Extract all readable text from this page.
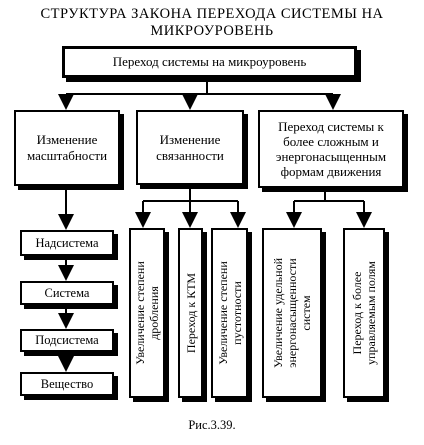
СТРУКТУРА ЗАКОНА ПЕРЕХОДА СИСТЕМЫ НА
МИКРОУРОВЕНЬ
Переход системы на микроуровень
Изменение
масштабности
Изменение
связанности
Переход системы к
более сложным и
энергонасыщенным
формам движения
Надсистема
Система
Подсистема
Вещество
Увеличение степени дробления Переход к КТМ Увеличение степени пустотности Увеличение удельной энергонасыщенности систем	Переход к более управляемым полям
Рис.3.39.
